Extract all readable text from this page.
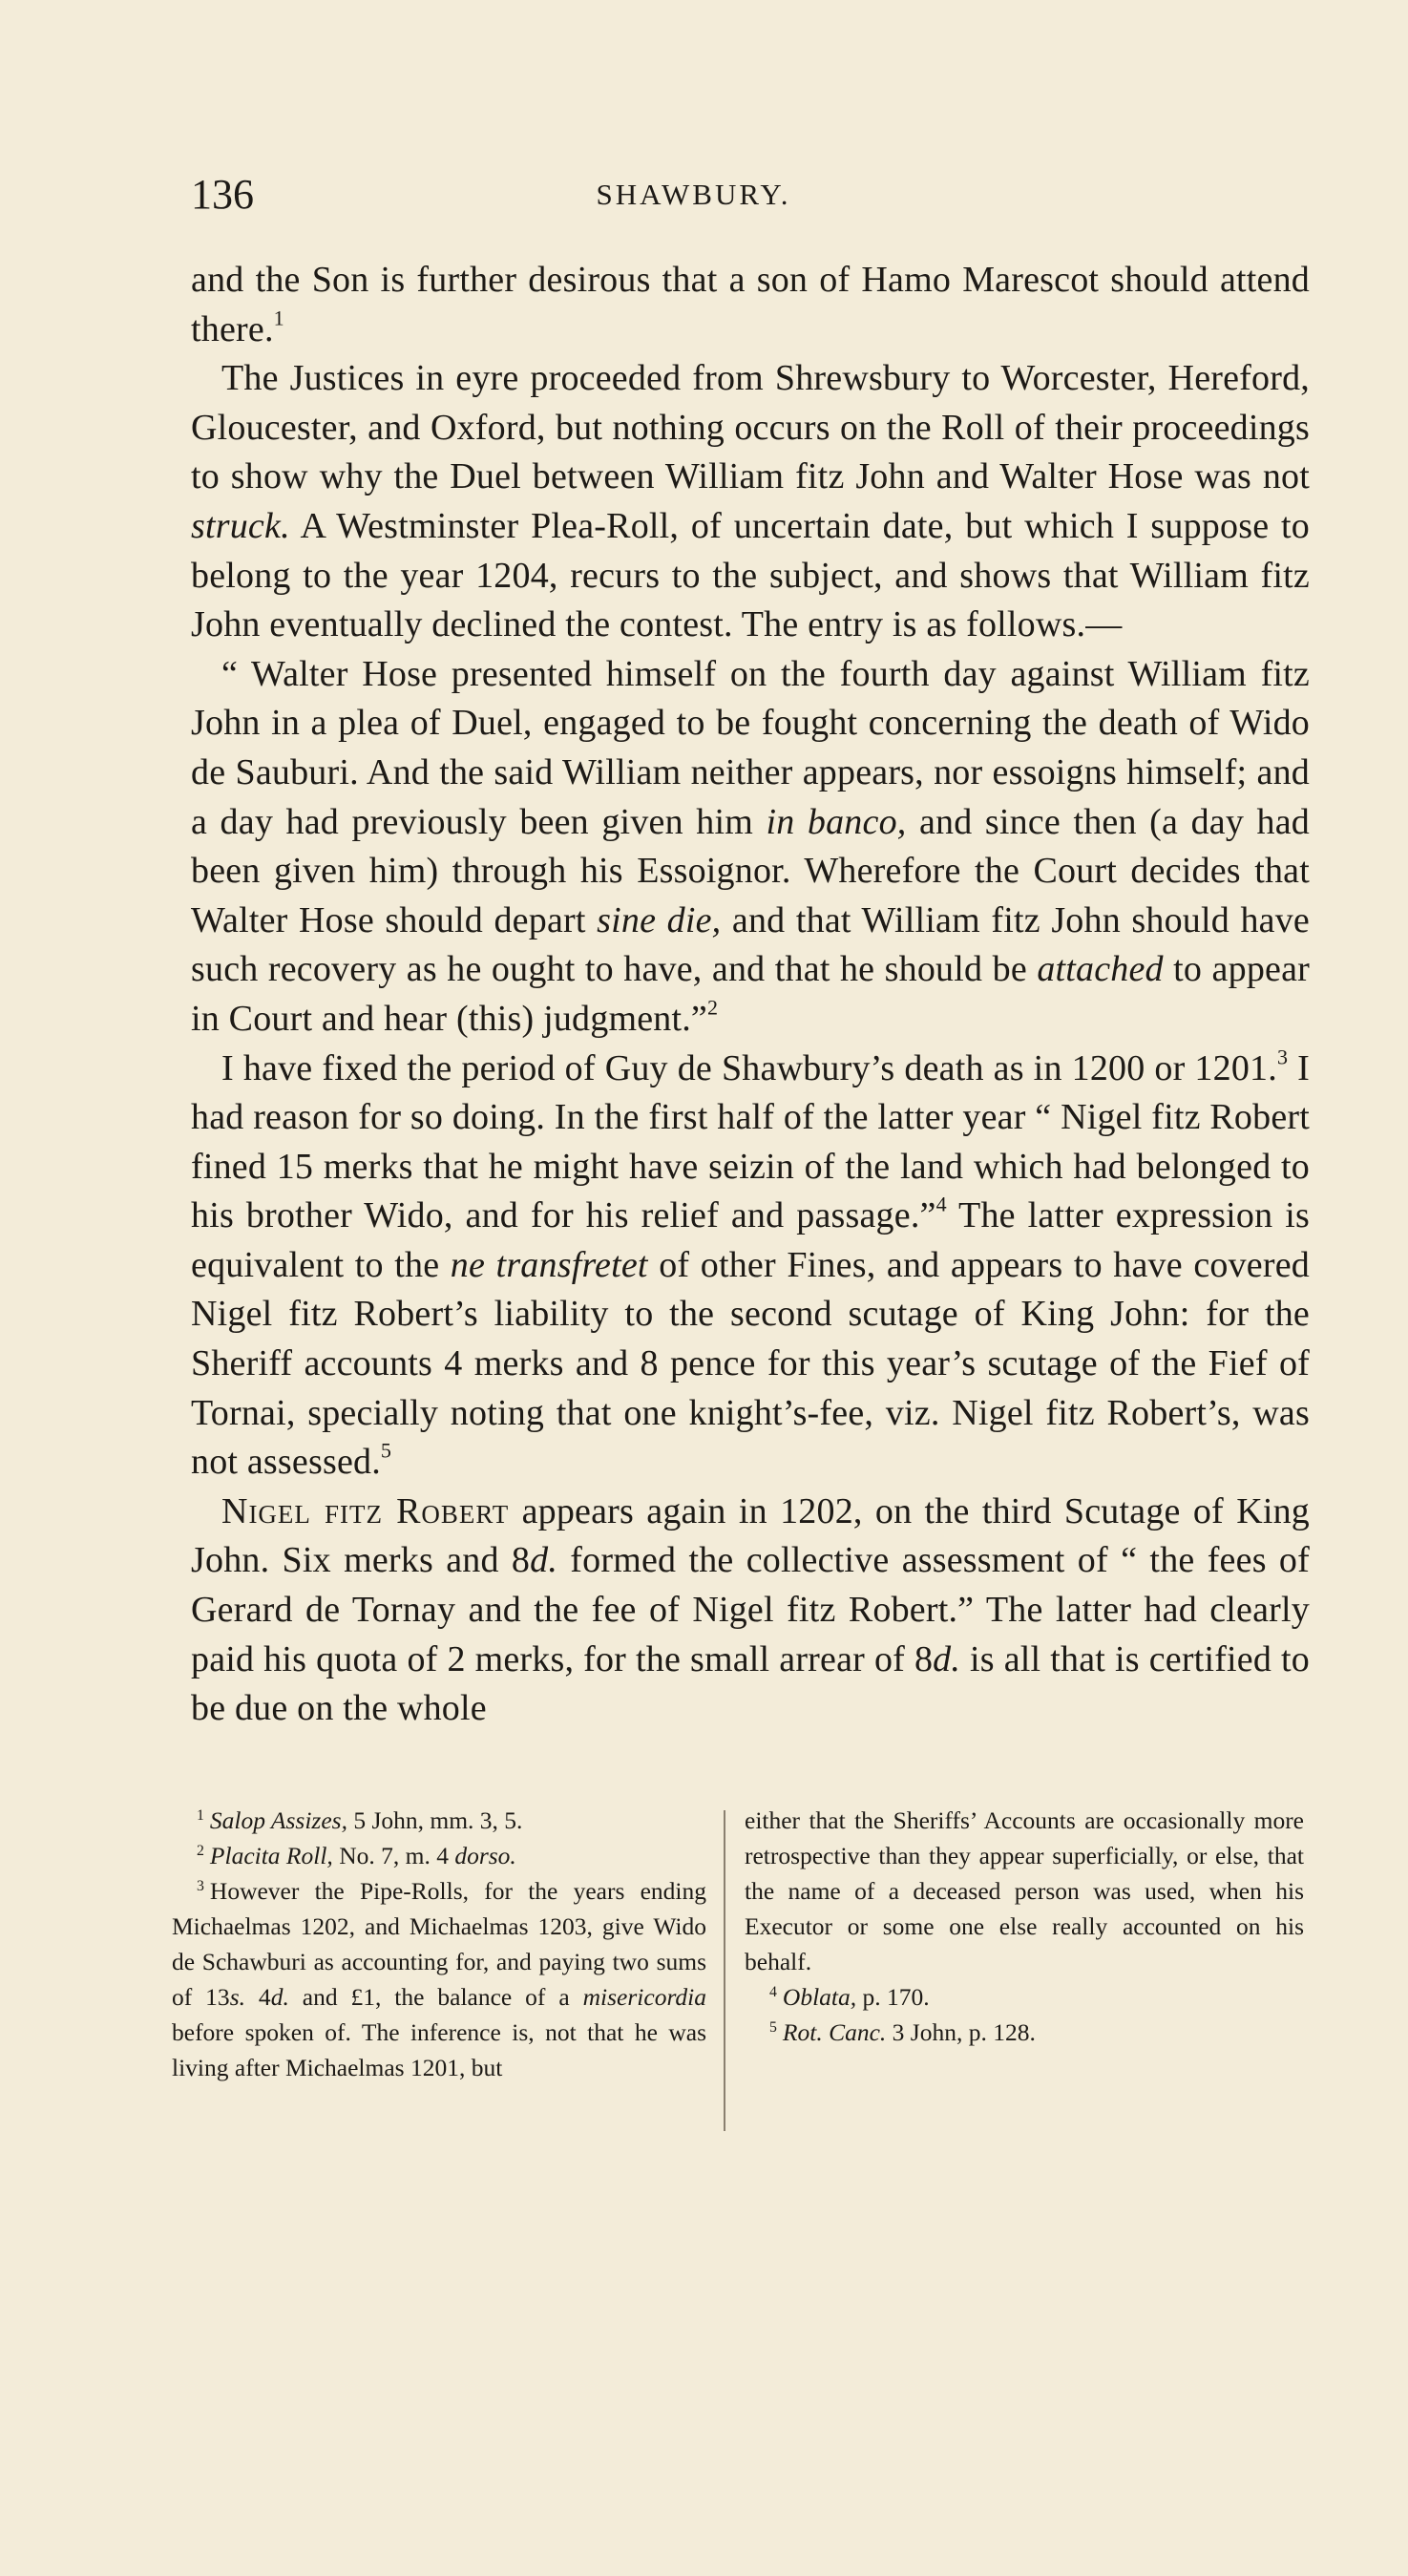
136	SHAWBURY.

and the Son is further desirous that a son of Hamo Marescot should attend there.$^1$

The Justices in eyre proceeded from Shrewsbury to Worcester, Hereford, Gloucester, and Oxford, but nothing occurs on the Roll of their proceedings to show why the Duel between William fitz John and Walter Hose was not struck. A Westminster Plea-Roll, of uncertain date, but which I suppose to belong to the year 1204, recurs to the subject, and shows that William fitz John eventually declined the contest. The entry is as follows.—

“ Walter Hose presented himself on the fourth day against William fitz John in a plea of Duel, engaged to be fought concerning the death of Wido de Sauburi. And the said William neither appears, nor essoigns himself; and a day had previously been given him in banco, and since then (a day had been given him) through his Essoignor. Wherefore the Court decides that Walter Hose should depart sine die, and that William fitz John should have such recovery as he ought to have, and that he should be attached to appear in Court and hear (this) judgment.”$^2$

I have fixed the period of Guy de Shawbury’s death as in 1200 or 1201.$^3$ I had reason for so doing. In the first half of the latter year “ Nigel fitz Robert fined 15 merks that he might have seizin of the land which had belonged to his brother Wido, and for his relief and passage.”$^4$ The latter expression is equivalent to the ne transfretet of other Fines, and appears to have covered Nigel fitz Robert’s liability to the second scutage of King John: for the Sheriff accounts 4 merks and 8 pence for this year’s scutage of the Fief of Tornai, specially noting that one knight’s-fee, viz. Nigel fitz Robert’s, was not assessed.$^5$

Nigel fitz Robert appears again in 1202, on the third Scutage of King John. Six merks and 8d. formed the collective assessment of “ the fees of Gerard de Tornay and the fee of Nigel fitz Robert.” The latter had clearly paid his quota of 2 merks, for the small arrear of 8d. is all that is certified to be due on the whole

$^1$ Salop Assizes, 5 John, mm. 3, 5.

$^2$ Placita Roll, No. 7, m. 4 dorso.

$^3$ However the Pipe-Rolls, for the years ending Michaelmas 1202, and Michaelmas 1203, give Wido de Schawburi as accounting for, and paying two sums of 13s. 4d. and £1, the balance of a misericordia before spoken of. The inference is, not that he was living after Michaelmas 1201, but

either that the Sheriffs’ Accounts are occasionally more retrospective than they appear superficially, or else, that the name of a deceased person was used, when his Executor or some one else really accounted on his behalf.

$^4$ Oblata, p. 170.

$^5$ Rot. Canc. 3 John, p. 128.
